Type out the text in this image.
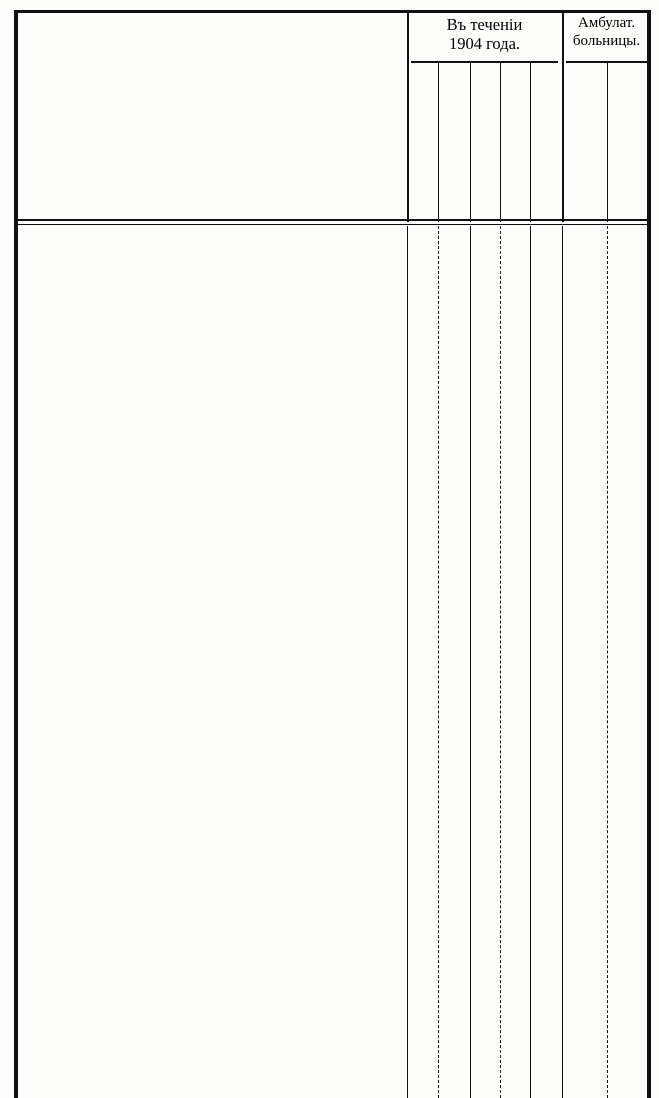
Въ теченіи
1904 года.
Амбулат.
больницы.
